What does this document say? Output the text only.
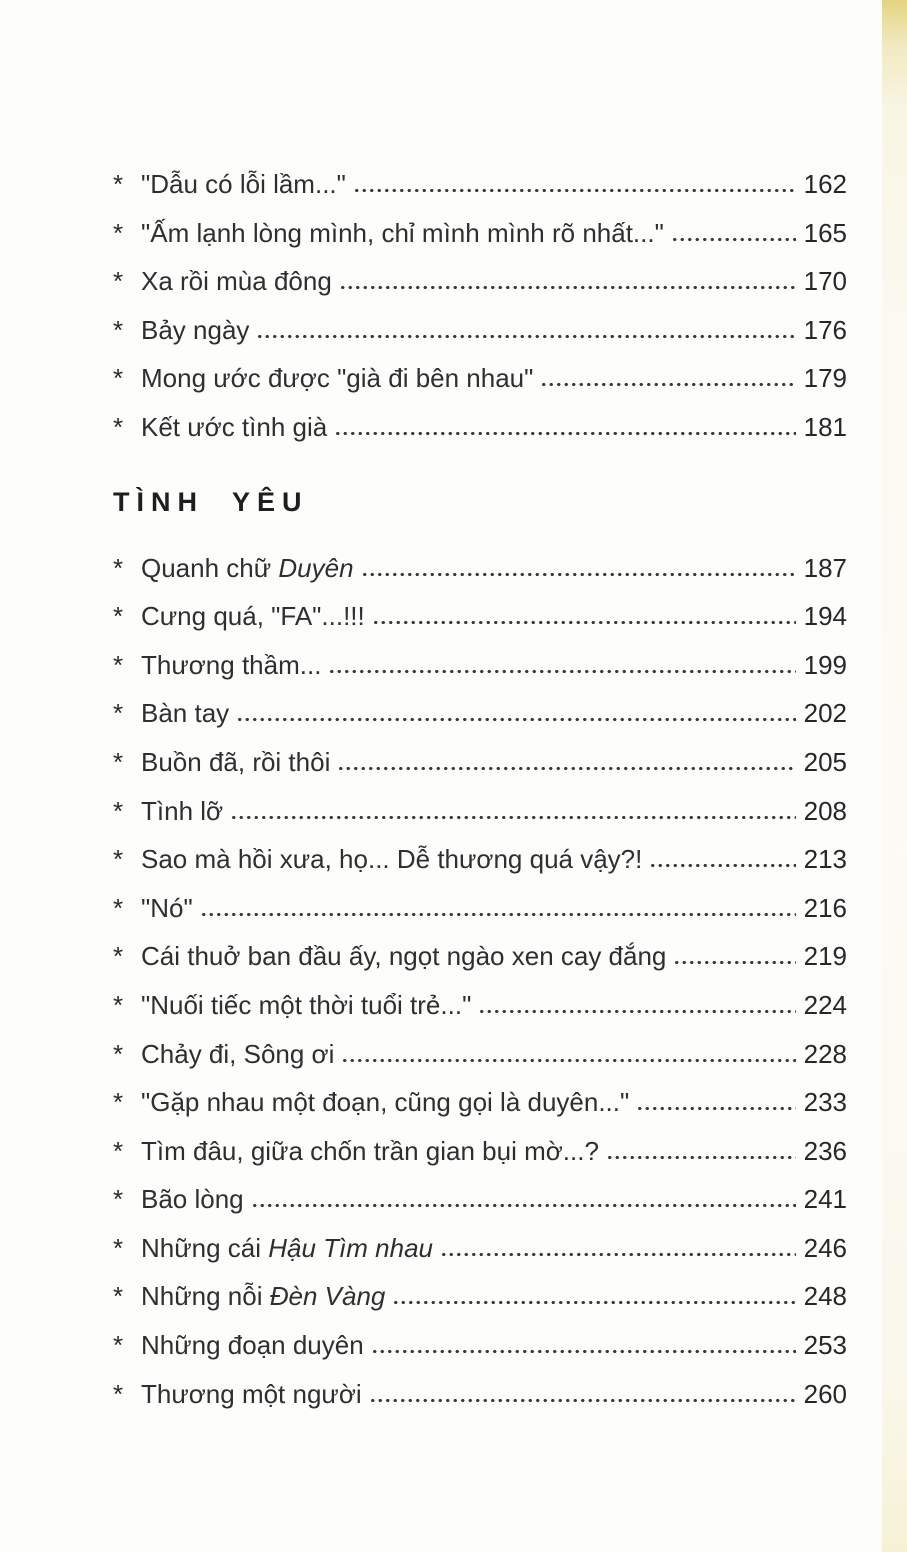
* "Dẫu có lỗi lầm..."	162
* "Ấm lạnh lòng mình, chỉ mình mình rõ nhất..."	165
* Xa rồi mùa đông	170
* Bảy ngày	176
* Mong ước được "già đi bên nhau"	179
* Kết ước tình già	181
TÌNH YÊU
* Quanh chữ Duyên	187
* Cưng quá, "FA"...!!!	194
* Thương thầm...	199
* Bàn tay	202
* Buồn đã, rồi thôi	205
* Tình lỡ	208
* Sao mà hồi xưa, họ... Dễ thương quá vậy?!	213
* "Nó"	216
* Cái thuở ban đầu ấy, ngọt ngào xen cay đắng	219
* "Nuối tiếc một thời tuổi trẻ..."	224
* Chảy đi, Sông ơi	228
* "Gặp nhau một đoạn, cũng gọi là duyên..."	233
* Tìm đâu, giữa chốn trần gian bụi mờ...?	236
* Bão lòng	241
* Những cái Hậu Tìm nhau	246
* Những nỗi Đèn Vàng	248
* Những đoạn duyên	253
* Thương một người	260
